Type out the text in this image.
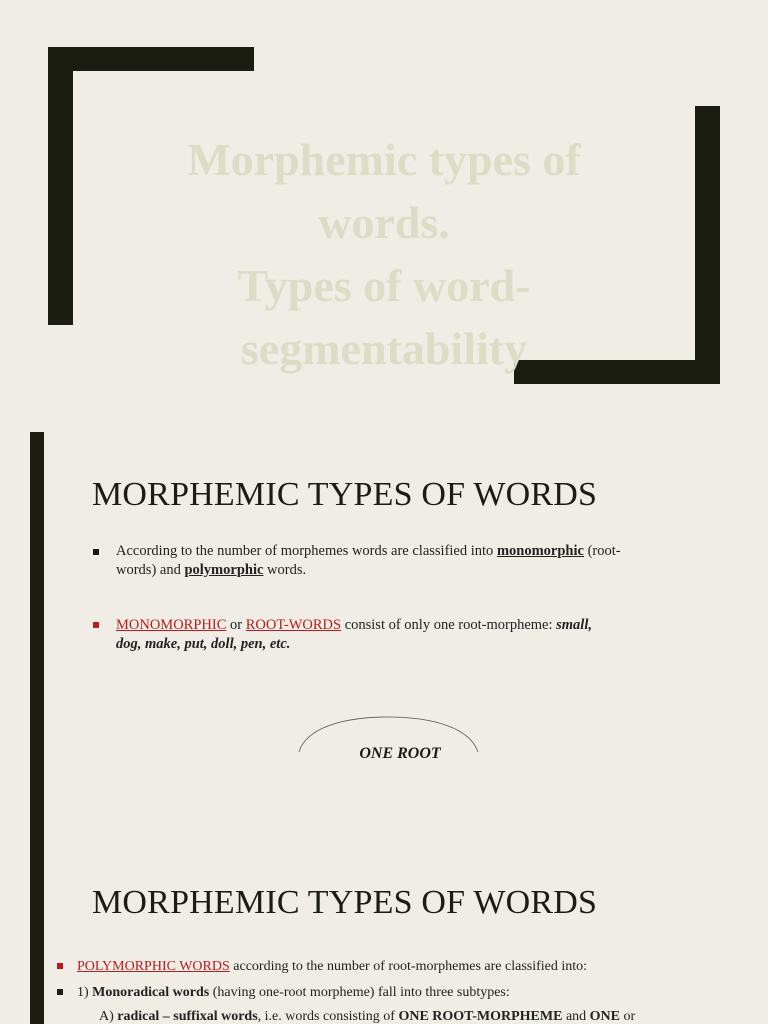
Morphemic types of
words.
Types of word-
segmentability
MORPHEMIC TYPES OF WORDS
According to the number of morphemes words are classified into monomorphic (root-
words) and polymorphic words.
MONOMORPHIC or ROOT-WORDS consist of only one root-morpheme: small,
dog, make, put, doll, pen, etc.
ONE ROOT
MORPHEMIC TYPES OF WORDS
POLYMORPHIC WORDS according to the number of root-morphemes are classified into:
1) Monoradical words (having one-root morpheme) fall into three subtypes:
A) radical – suffixal words, i.e. words consisting of ONE ROOT-MORPHEME and ONE or
